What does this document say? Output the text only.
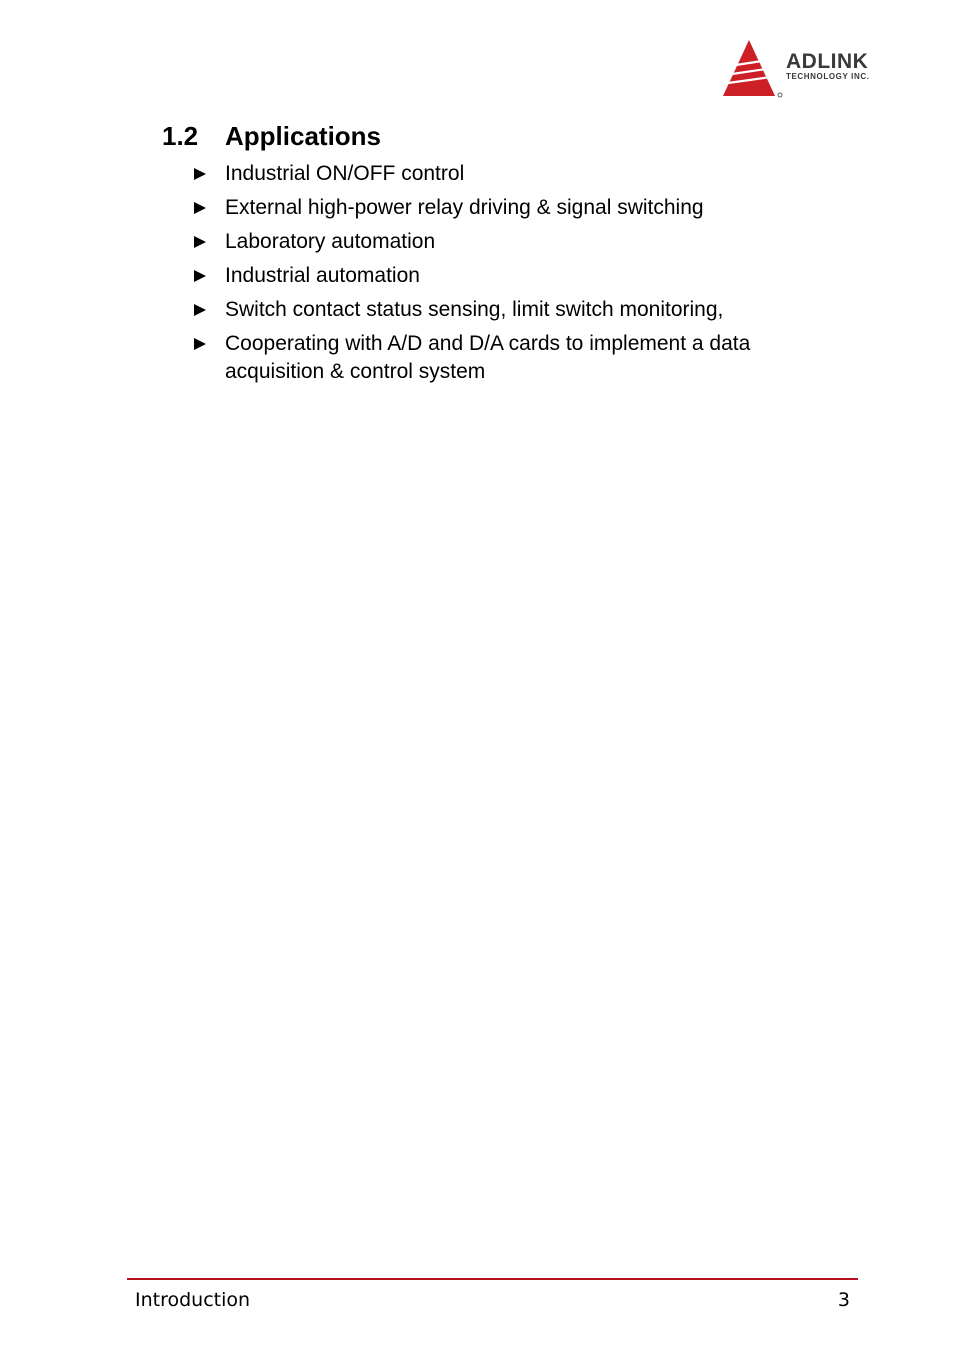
ADLINK
TECHNOLOGY INC.
1.2 Applications
Industrial ON/OFF control
External high-power relay driving & signal switching
Laboratory automation
Industrial automation
Switch contact status sensing, limit switch monitoring,
Cooperating with A/D and D/A cards to implement a data acquisition & control system
Introduction	3
